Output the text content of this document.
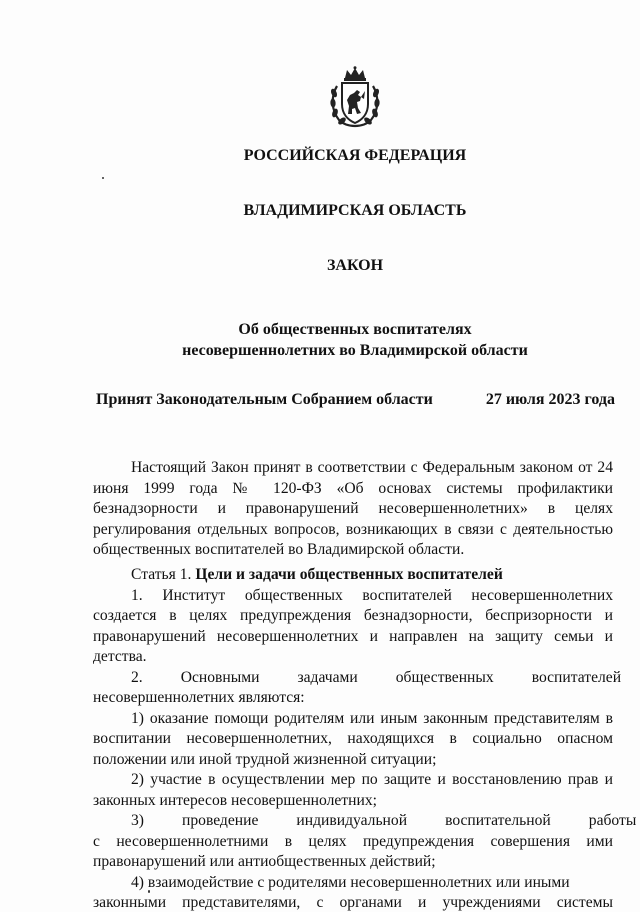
РОССИЙСКАЯ ФЕДЕРАЦИЯ
ВЛАДИМИРСКАЯ ОБЛАСТЬ
ЗАКОН
Об общественных воспитателях
несовершеннолетних во Владимирской области
Принят Законодательным Собранием области	27 июля 2023 года

Настоящий Закон принят в соответствии с Федеральным законом от 24 июня 1999 года № 120-ФЗ «Об основах системы профилактики безнадзорности и правонарушений несовершеннолетних» в целях регулирования отдельных вопросов, возникающих в связи с деятельностью общественных воспитателей во Владимирской области.

Статья 1. Цели и задачи общественных воспитателей

1. Институт общественных воспитателей несовершеннолетних создается в целях предупреждения безнадзорности, беспризорности и правонарушений несовершеннолетних и направлен на защиту семьи и детства.

2.	Основными	задачами	общественных	воспитателей

несовершеннолетних являются:

1) оказание помощи родителям или иным законным представителям в воспитании несовершеннолетних, находящихся в социально опасном положении или иной трудной жизненной ситуации;

2) участие в осуществлении мер по защите и восстановлению прав и законных интересов несовершеннолетних;

3)	проведение	индивидуальной	воспитательной	работы

с несовершеннолетними в целях предупреждения совершения ими

правонарушений или антиобщественных действий;

4) взаимодействие с родителями несовершеннолетних или иными

законными представителями, с органами и учреждениями системы
